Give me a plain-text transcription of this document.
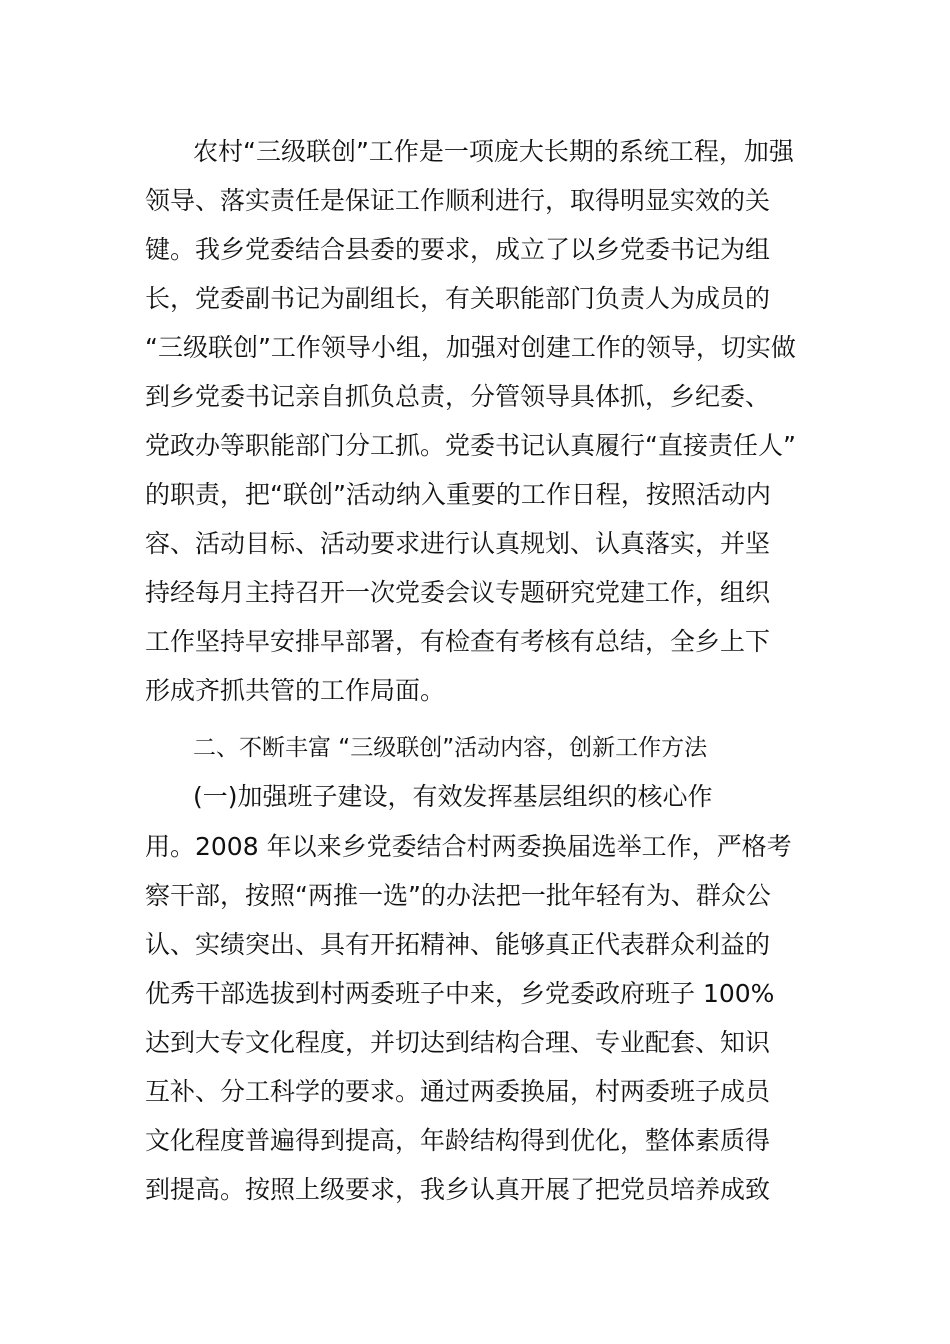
农村“三级联创”工作是一项庞大长期的系统工程，加强
领导、落实责任是保证工作顺利进行，取得明显实效的关
键。我乡党委结合县委的要求，成立了以乡党委书记为组
长，党委副书记为副组长，有关职能部门负责人为成员的
“三级联创”工作领导小组，加强对创建工作的领导，切实做
到乡党委书记亲自抓负总责，分管领导具体抓，乡纪委、
党政办等职能部门分工抓。党委书记认真履行“直接责任人”
的职责，把“联创”活动纳入重要的工作日程，按照活动内
容、活动目标、活动要求进行认真规划、认真落实，并坚
持经每月主持召开一次党委会议专题研究党建工作，组织
工作坚持早安排早部署，有检查有考核有总结，全乡上下
形成齐抓共管的工作局面。
二、不断丰富 “三级联创”活动内容，创新工作方法
(一)加强班子建设，有效发挥基层组织的核心作
用。2008 年以来乡党委结合村两委换届选举工作，严格考
察干部，按照“两推一选”的办法把一批年轻有为、群众公
认、实绩突出、具有开拓精神、能够真正代表群众利益的
优秀干部选拔到村两委班子中来，乡党委政府班子 100%
达到大专文化程度，并切达到结构合理、专业配套、知识
互补、分工科学的要求。通过两委换届，村两委班子成员
文化程度普遍得到提高，年龄结构得到优化，整体素质得
到提高。按照上级要求，我乡认真开展了把党员培养成致
